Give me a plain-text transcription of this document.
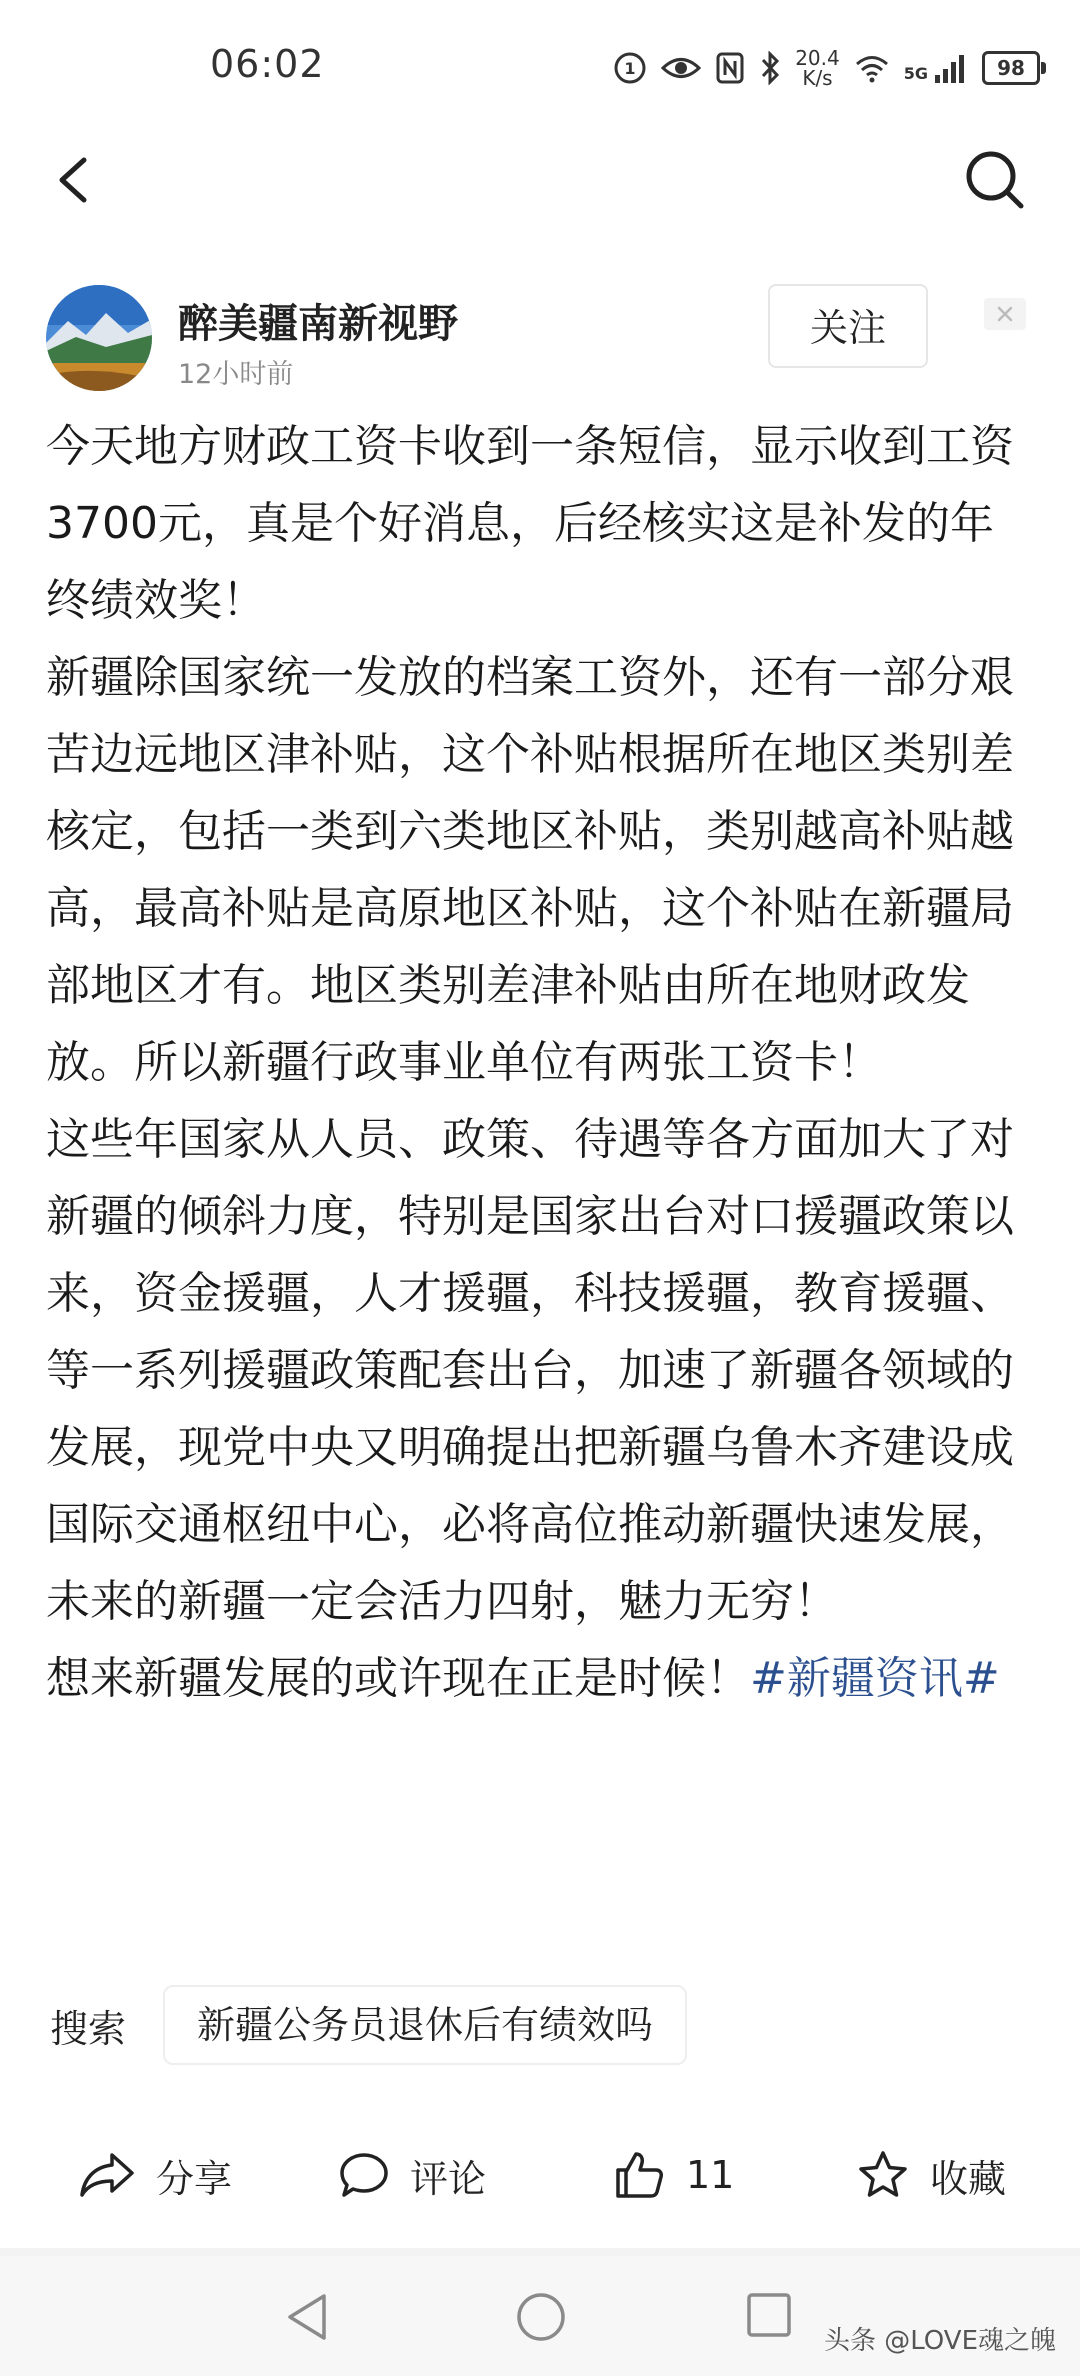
06:02	1	20.4
K/s	5G	98
醉美疆南新视野
12小时前
关注

今天地方财政工资卡收到一条短信，显示收到工资3700元，真是个好消息，后经核实这是补发的年终绩效奖！

新疆除国家统一发放的档案工资外，还有一部分艰苦边远地区津补贴，这个补贴根据所在地区类别差核定，包括一类到六类地区补贴，类别越高补贴越高，最高补贴是高原地区补贴，这个补贴在新疆局部地区才有。地区类别差津补贴由所在地财政发放。所以新疆行政事业单位有两张工资卡！

这些年国家从人员、政策、待遇等各方面加大了对新疆的倾斜力度，特别是国家出台对口援疆政策以来，资金援疆，人才援疆，科技援疆，教育援疆、等一系列援疆政策配套出台，加速了新疆各领域的发展，现党中央又明确提出把新疆乌鲁木齐建设成国际交通枢纽中心，必将高位推动新疆快速发展，未来的新疆一定会活力四射，魅力无穷！

想来新疆发展的或许现在正是时候！#新疆资讯#

搜索	新疆公务员退休后有绩效吗
分享	评论	11	收藏
头条 @LOVE魂之魄
